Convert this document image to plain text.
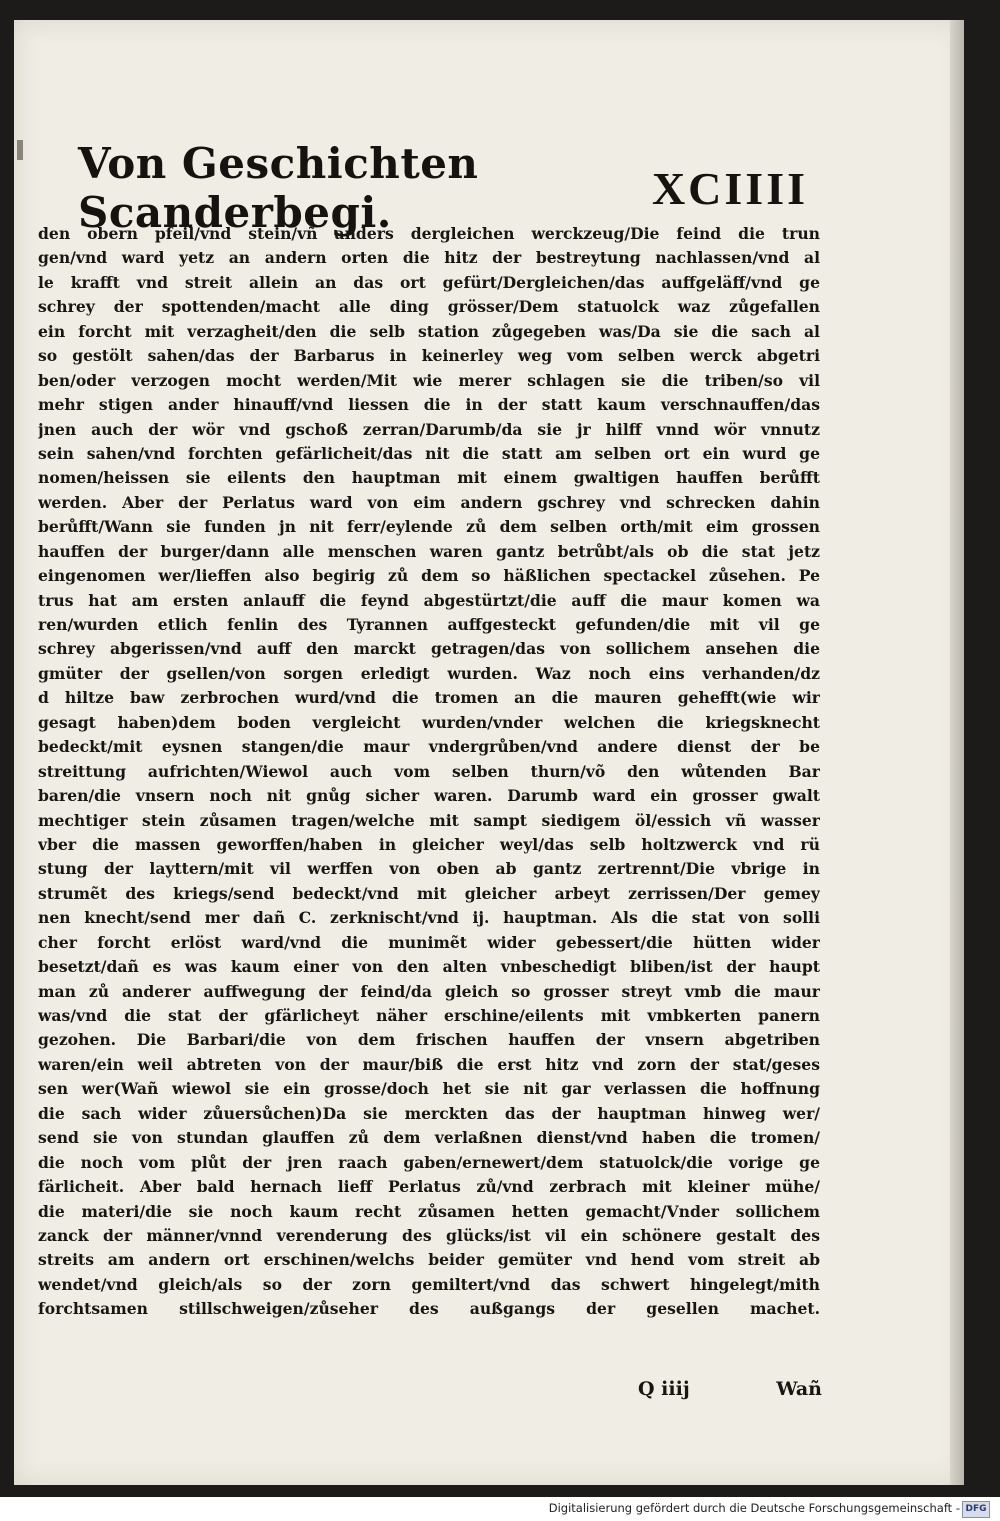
Von Geschichten Scanderbegi.	XCIIII
den obern pfeil/vnd stein/vñ anders dergleichen werckzeug/Die feind die trun
gen/vnd ward yetz an andern orten die hitz der bestreytung nachlassen/vnd al
le krafft vnd streit allein an das ort gefürt/Dergleichen/das auffgeläff/vnd ge
schrey der spottenden/macht alle ding grösser/Dem statuolck waz zůgefallen
ein forcht mit verzagheit/den die selb station zůgegeben was/Da sie die sach al
so gestölt sahen/das der Barbarus in keinerley weg vom selben werck abgetri
ben/oder verzogen mocht werden/Mit wie merer schlagen sie die triben/so vil
mehr stigen ander hinauff/vnd liessen die in der statt kaum verschnauffen/das
jnen auch der wör vnd gschoß zerran/Darumb/da sie jr hilff vnnd wör vnnutz
sein sahen/vnd forchten gefärlicheit/das nit die statt am selben ort ein wurd ge
nomen/heissen sie eilents den hauptman mit einem gwaltigen hauffen berůfft
werden. Aber der Perlatus ward von eim andern gschrey vnd schrecken dahin
berůfft/Wann sie funden jn nit ferr/eylende zů dem selben orth/mit eim grossen
hauffen der burger/dann alle menschen waren gantz betrůbt/als ob die stat jetz
eingenomen wer/lieffen also begirig zů dem so häßlichen spectackel zůsehen. Pe
trus hat am ersten anlauff die feynd abgestürtzt/die auff die maur komen wa
ren/wurden etlich fenlin des Tyrannen auffgesteckt gefunden/die mit vil ge
schrey abgerissen/vnd auff den marckt getragen/das von sollichem ansehen die
gmüter der gsellen/von sorgen erledigt wurden. Waz noch eins verhanden/dz
d hiltze baw zerbrochen wurd/vnd die tromen an die mauren gehefft(wie wir
gesagt haben)dem boden vergleicht wurden/vnder welchen die kriegsknecht
bedeckt/mit eysnen stangen/die maur vndergrůben/vnd andere dienst der be
streittung aufrichten/Wiewol auch vom selben thurn/võ den wůtenden Bar
baren/die vnsern noch nit gnůg sicher waren. Darumb ward ein grosser gwalt
mechtiger stein zůsamen tragen/welche mit sampt siedigem öl/essich vñ wasser
vber die massen geworffen/haben in gleicher weyl/das selb holtzwerck vnd rü
stung der layttern/mit vil werffen von oben ab gantz zertrennt/Die vbrige in
strumẽt des kriegs/send bedeckt/vnd mit gleicher arbeyt zerrissen/Der gemey
nen knecht/send mer dañ C. zerknischt/vnd ij. hauptman. Als die stat von solli
cher forcht erlöst ward/vnd die munimẽt wider gebessert/die hütten wider
besetzt/dañ es was kaum einer von den alten vnbeschedigt bliben/ist der haupt
man zů anderer auffwegung der feind/da gleich so grosser streyt vmb die maur
was/vnd die stat der gfärlicheyt näher erschine/eilents mit vmbkerten panern
gezohen. Die Barbari/die von dem frischen hauffen der vnsern abgetriben
waren/ein weil abtreten von der maur/biß die erst hitz vnd zorn der stat/geses
sen wer(Wañ wiewol sie ein grosse/doch het sie nit gar verlassen die hoffnung
die sach wider zůuersůchen)Da sie merckten das der hauptman hinweg wer/
send sie von stundan glauffen zů dem verlaßnen dienst/vnd haben die tromen/
die noch vom plůt der jren raach gaben/ernewert/dem statuolck/die vorige ge
färlicheit. Aber bald hernach lieff Perlatus zů/vnd zerbrach mit kleiner mühe/
die materi/die sie noch kaum recht zůsamen hetten gemacht/Vnder sollichem
zanck der männer/vnnd verenderung des glücks/ist vil ein schönere gestalt des
streits am andern ort erschinen/welchs beider gemüter vnd hend vom streit ab
wendet/vnd gleich/als so der zorn gemiltert/vnd das schwert hingelegt/mith
forchtsamen stillschweigen/zůseher des außgangs der gesellen machet.
Q iiij	Wañ
Digitalisierung gefördert durch die Deutsche Forschungsgemeinschaft - DFG
